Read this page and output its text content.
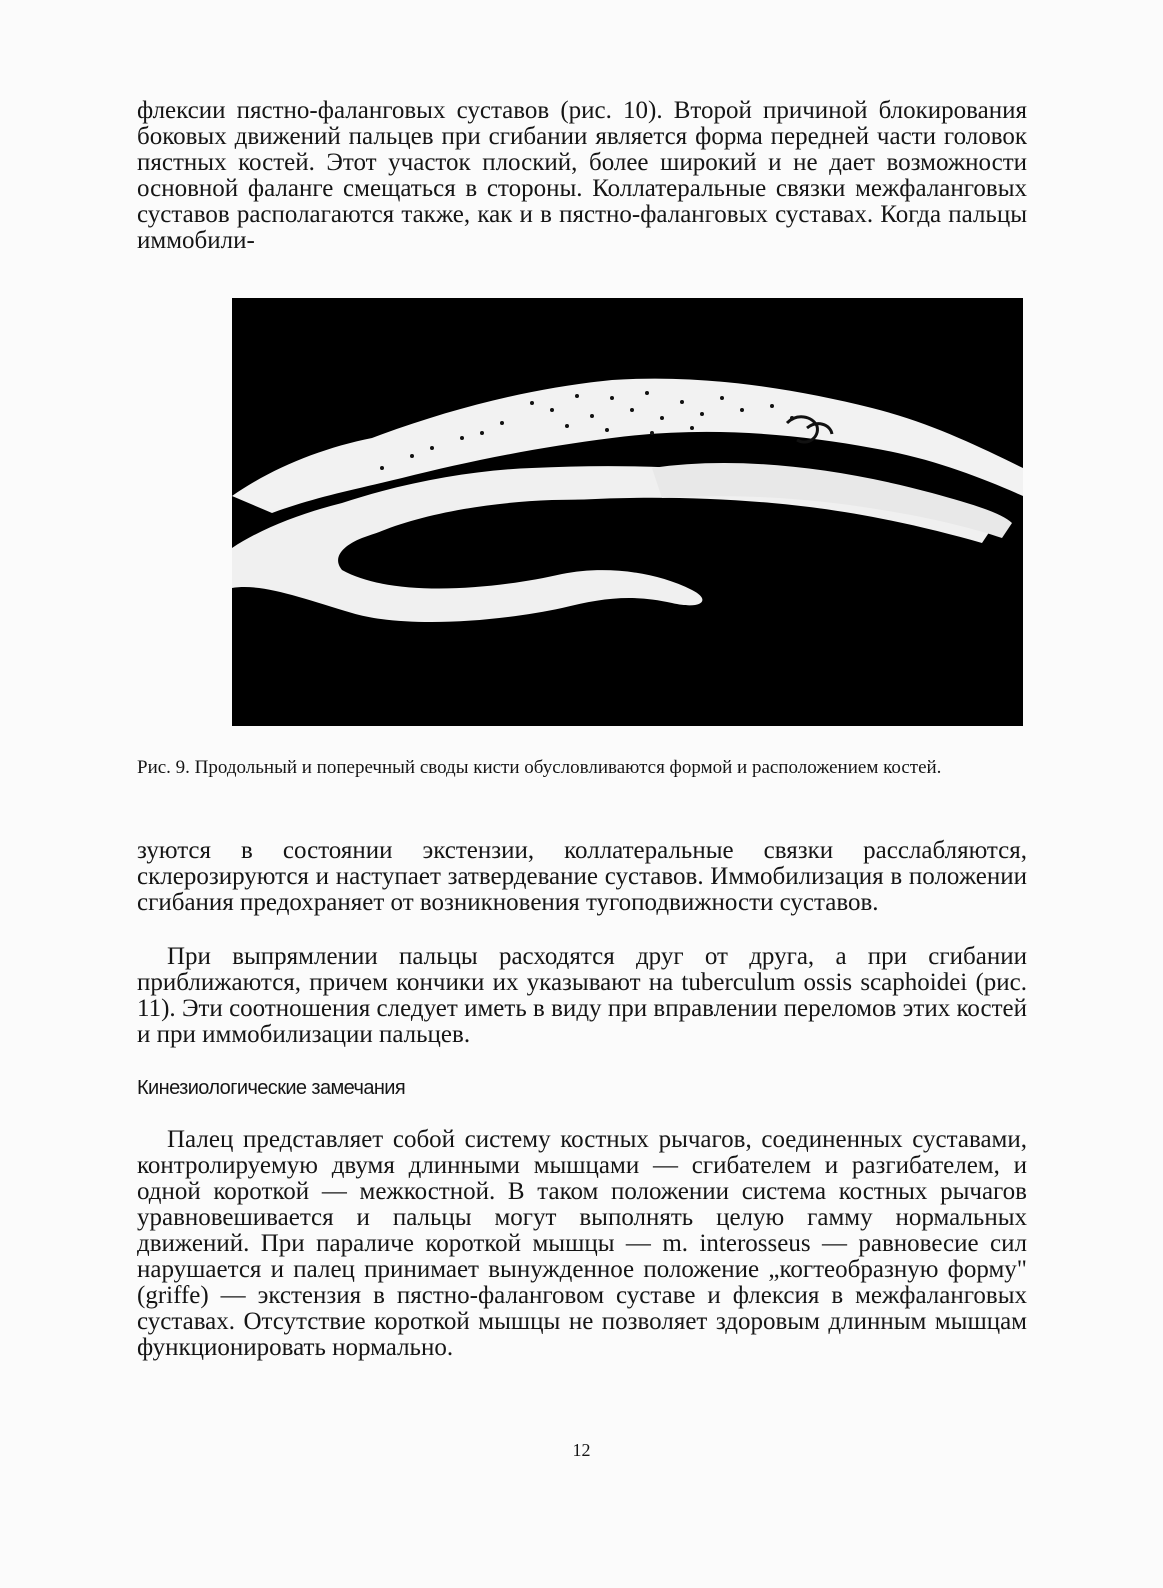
флексии пястно-фаланговых суставов (рис. 10). Второй причиной блокирования боковых движений пальцев при сгибании является форма передней части головок пястных костей. Этот участок плоский, более широкий и не дает возможности основной фаланге смещаться в стороны. Коллатеральные связки межфаланговых суставов располагаются также, как и в пястно-фаланговых суставах. Когда пальцы иммобили-

Рис. 9. Продольный и поперечный своды кисти обусловливаются формой и расположением костей.

зуются в состоянии экстензии, коллатеральные связки расслабляются, склерозируются и наступает затвердевание суставов. Иммобилизация в положении сгибания предохраняет от возникновения тугоподвижности суставов.

При выпрямлении пальцы расходятся друг от друга, а при сгибании приближаются, причем кончики их указывают на tuberculum ossis scaphoidei (рис. 11). Эти соотношения следует иметь в виду при вправлении переломов этих костей и при иммобилизации пальцев.

Кинезиологические замечания

Палец представляет собой систему костных рычагов, соединенных суставами, контролируемую двумя длинными мышцами — сгибателем и разгибателем, и одной короткой — межкостной. В таком положении система костных рычагов уравновешивается и пальцы могут выполнять целую гамму нормальных движений. При параличе короткой мышцы — m. interosseus — равновесие сил нарушается и палец принимает вынужденное положение „когтеобразную форму" (griffe) — экстензия в пястно-фаланговом суставе и флексия в межфаланговых суставах. Отсутствие короткой мышцы не позволяет здоровым длинным мышцам функционировать нормально.

12
